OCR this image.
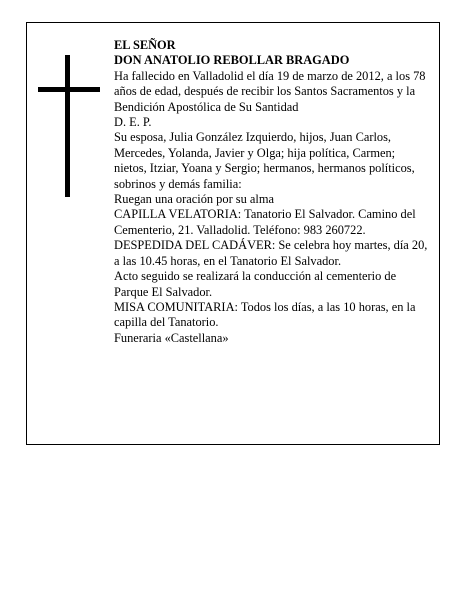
EL SEÑOR

DON ANATOLIO REBOLLAR BRAGADO

Ha fallecido en Valladolid el día 19 de marzo de 2012, a los 78 años de edad, después de recibir los Santos Sacramentos y la Bendición Apostólica de Su Santidad

D. E. P.

Su esposa, Julia González Izquierdo, hijos, Juan Carlos, Mercedes, Yolanda, Javier y Olga; hija política, Carmen; nietos, Itziar, Yoana y Sergio; hermanos, hermanos políticos, sobrinos y demás familia:

Ruegan una oración por su alma

CAPILLA VELATORIA: Tanatorio El Salvador. Camino del Cementerio, 21. Valladolid. Teléfono: 983 260722.

DESPEDIDA DEL CADÁVER: Se celebra hoy martes, día 20, a las 10.45 horas, en el Tanatorio El Salvador.

Acto seguido se realizará la conducción al cementerio de Parque El Salvador.

MISA COMUNITARIA: Todos los días, a las 10 horas, en la capilla del Tanatorio.

Funeraria «Castellana»
